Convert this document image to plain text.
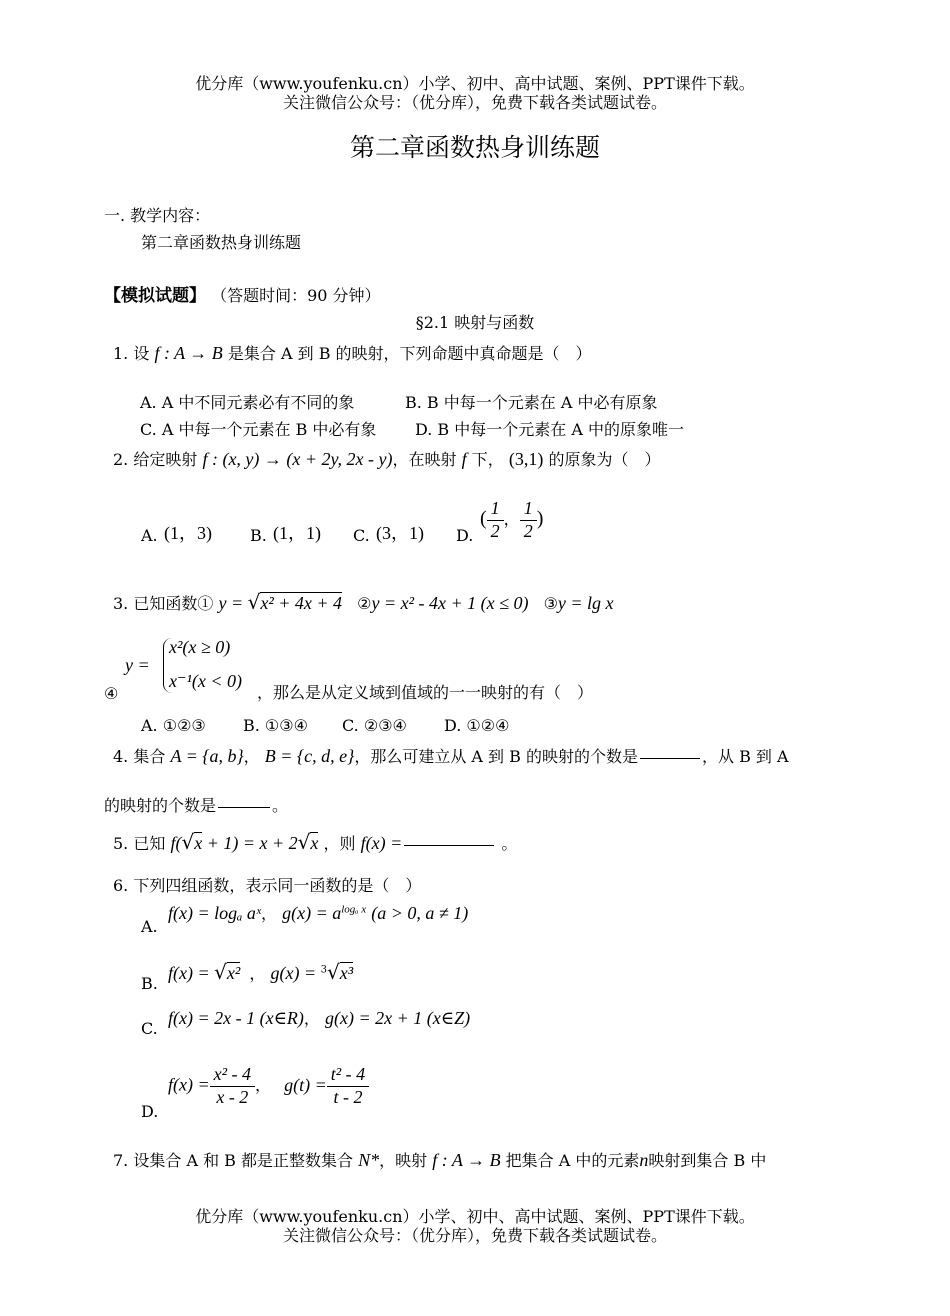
优分库（www.youfenku.cn）小学、初中、高中试题、案例、PPT课件下载。
关注微信公众号：（优分库），免费下载各类试题试卷。
第二章函数热身训练题
一. 教学内容：
第二章函数热身训练题
【模拟试题】 （答题时间：90 分钟）
§2.1 映射与函数
1. 设 f : A → B 是集合 A 到 B 的映射，下列命题中真命题是（　）
A. A 中不同元素必有不同的象	B. B 中每一个元素在 A 中必有原象
C. A 中每一个元素在 B 中必有象 D. B 中每一个元素在 A 中的原象唯一
2. 给定映射 f : (x, y) → (x + 2y, 2x - y)，在映射 f 下， (3,1) 的原象为（　）
A. (1，3) B. (1，1) C. (3，1) D.
( $\frac{1}{2}$ ， $\frac{1}{2}$ )
3. 已知函数① y = √x² + 4x + 4 ②y = x² - 4x + 1 (x ≤ 0) ③y = lg x
④
y =
x²(x ≥ 0)
x⁻¹(x < 0)
，那么是从定义域到值域的一一映射的有（　）
A. ①②③ B. ①③④ C. ②③④ D. ①②④
4. 集合 A = {a, b}， B = {c, d, e}，那么可建立从 A 到 B 的映射的个数是	，从 B 到 A
的映射的个数是	。
5. 已知 f(√x + 1) = x + 2√x ，则 f(x) =	。
6. 下列四组函数，表示同一函数的是（　）
A.
f(x) = logₐ aˣ， $g(x) = a^{log_a x}$ (a > 0, a ≠ 1)
B.
f(x) = √x² ， g(x) = $^3$√x³
C.
f(x) = 2x - 1 (x∈R)， g(x) = 2x + 1 (x∈Z)
D.
$f(x) = \frac{\text{x² - 4}}{x - 2}$ ， $g(t) = \frac{\text{t² - 4}}{t - 2}$
7. 设集合 A 和 B 都是正整数集合 N*，映射 f : A → B 把集合 A 中的元素n映射到集合 B 中
优分库（www.youfenku.cn）小学、初中、高中试题、案例、PPT课件下载。
关注微信公众号：（优分库），免费下载各类试题试卷。
